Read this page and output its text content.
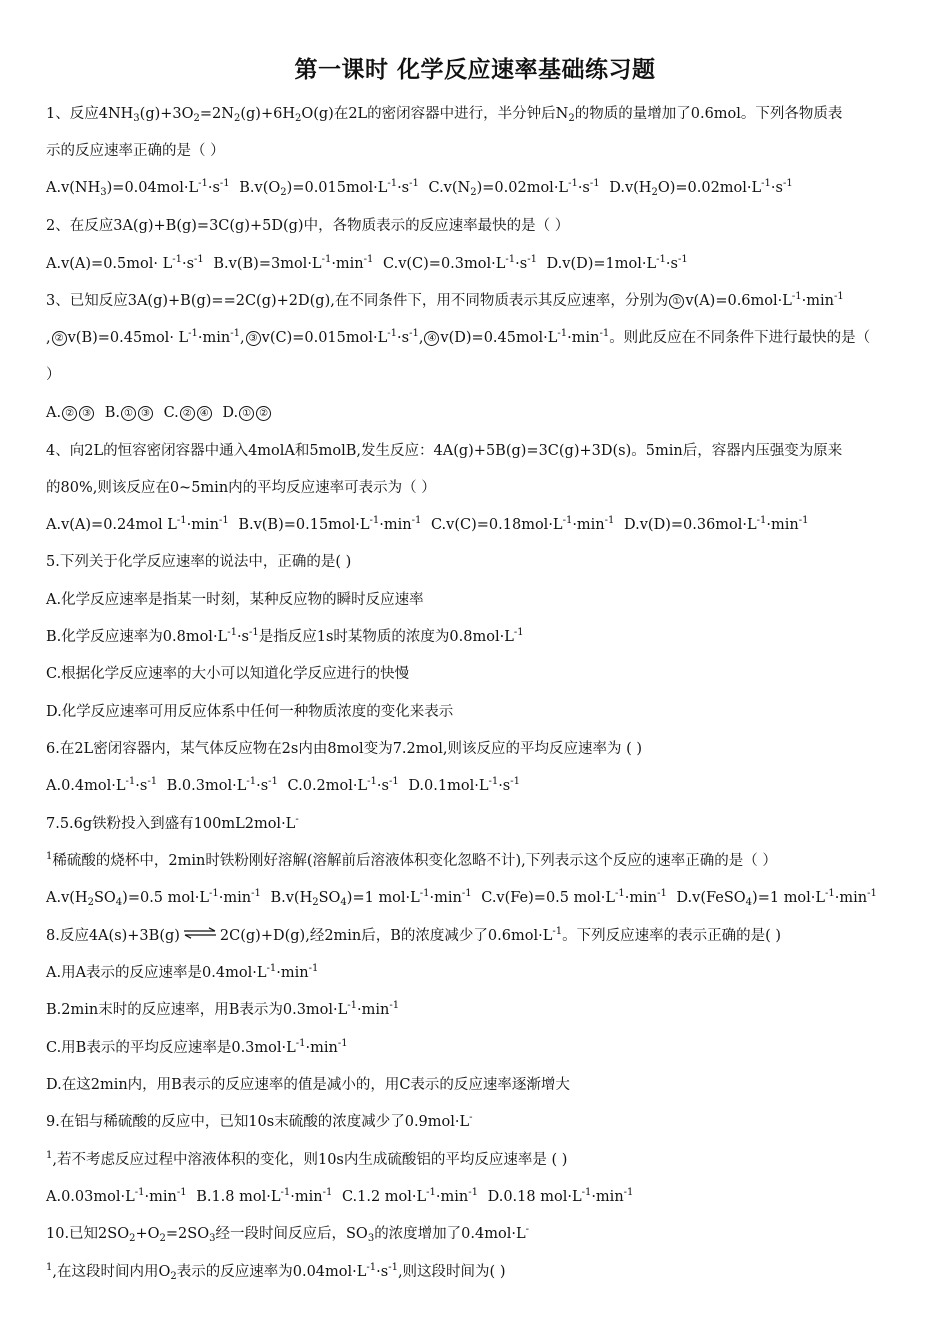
第一课时 化学反应速率基础练习题
1、反应$4NH_3(g)+3O_2=2N_2(g)+6H_2O(g)$在2L的密闭容器中进行，半分钟后$N_2$的物质的量增加了0.6mol。下列各物质表
示的反应速率正确的是（ ）
$A.v(NH_3)=0.04mol\cdot L^{-1}\cdot s^{-1}$ $B.v(O_2)=0.015mol\cdot L^{-1}\cdot s^{-1}$ $C.v(N_2)=0.02mol\cdot L^{-1}\cdot s^{-1}$ $D.v(H_2O)=0.02mol\cdot L^{-1}\cdot s^{-1}$
2、在反应3A(g)+B(g)=3C(g)+5D(g)中，各物质表示的反应速率最快的是（ ）
$A.v(A)=0.5mol\cdot L^{-1}\cdot s^{-1}$ $B.v(B)=3mol\cdot L^{-1}\cdot\min^{-1}$ $C.v(C)=0.3mol\cdot L^{-1}\cdot s^{-1}$ $D.v(D)=1mol\cdot L^{-1}\cdot s^{-1}$
3、已知反应3A(g)+B(g)==2C(g)+2D(g),在不同条件下，用不同物质表示其反应速率，分别为 ① $v(A)=0.6mol\cdot L^{-1}\cdot\min^{-1}$
, ② $v(B)=0.45mol\cdot L^{-1}\cdot\min^{-1}$, ③ $v(C)=0.015mol\cdot L^{-1}\cdot s^{-1}$, ④ $v(D)=0.45mol\cdot L^{-1}\cdot\min^{-1}$。则此反应在不同条件下进行最快的是（
）
A. ② ③ B. ① ③ C. ② ④ D. ① ②
4、向2L的恒容密闭容器中通入4molA和5molB,发生反应：4A(g)+5B(g)=3C(g)+3D(s)。5min后，容器内压强变为原来
的80%,则该反应在0~5min内的平均反应速率可表示为（ ）
A.v(A)=0.24mol $L^{-1}\cdot\min^{-1}$ $B.v(B)=0.15mol\cdot L^{-1}\cdot\min^{-1}$ $C.v(C)=0.18mol\cdot L^{-1}\cdot\min^{-1}$ $D.v(D)=0.36mol\cdot L^{-1}\cdot\min^{-1}$
5.下列关于化学反应速率的说法中，正确的是( )
A.化学反应速率是指某一时刻，某种反应物的瞬时反应速率
B.化学反应速率为$0.8mol\cdot L^{-1}\cdot s^{-1}$是指反应1s时某物质的浓度为$0.8mol\cdot L^{-1}$
C.根据化学反应速率的大小可以知道化学反应进行的快慢
D.化学反应速率可用反应体系中任何一种物质浓度的变化来表示
6.在2L密闭容器内，某气体反应物在2s内由8mol变为7.2mol,则该反应的平均反应速率为 ( )
$A.0.4mol\cdot L^{-1}\cdot s^{-1}$ $B.0.3mol\cdot L^{-1}\cdot s^{-1}$ $C.0.2mol\cdot L^{-1}\cdot s^{-1}$ $D.0.1mol\cdot L^{-1}\cdot s^{-1}$
7.5.6g铁粉投入到盛有100mL2mol·L-
$^1$稀硫酸的烧杯中，2min时铁粉刚好溶解(溶解前后溶液体积变化忽略不计),下列表示这个反应的速率正确的是（ ）
$A.v(H_2SO_4)=0.5$ $mol\cdot L^{-1}\cdot\min^{-1}$ $B.v(H_2SO_4)=1$ $mol\cdot L^{-1}\cdot\min^{-1}$ C.v(Fe)=0.5 $mol\cdot L^{-1}\cdot\min^{-1}$ D.v(FeSO$_4$)=1 $mol\cdot L^{-1}\cdot\min^{-1}$
8.反应4A(s)+3B(g) ⇌ 2C(g)+D(g),经2min后，B的浓度减少了$0.6mol\cdot L^{-1}$。下列反应速率的表示正确的是( )
A.用A表示的反应速率是$0.4mol\cdot L^{-1}\cdot\min^{-1}$
B.2min末时的反应速率，用B表示为$0.3mol\cdot L^{-1}\cdot\min^{-1}$
C.用B表示的平均反应速率是$0.3mol\cdot L^{-1}\cdot\min^{-1}$
D.在这2min内，用B表示的反应速率的值是减小的，用C表示的反应速率逐渐增大
9.在铝与稀硫酸的反应中，已知10s末硫酸的浓度减少了0.9mol·L-
$^1$,若不考虑反应过程中溶液体积的变化，则10s内生成硫酸铝的平均反应速率是 ( )
$A.0.03mol\cdot L^{-1}\cdot\min^{-1}$ B.1.8 $mol\cdot L^{-1}\cdot\min^{-1}$ C.1.2 $mol\cdot L^{-1}\cdot\min^{-1}$ D.0.18 $mol\cdot L^{-1}\cdot\min^{-1}$
10.已知$2SO_2+O_2=2SO_3$经一段时间反应后，$SO_3$的浓度增加了0.4mol·L-
$^1$,在这段时间内用$O_2$表示的反应速率为$0.04mol\cdot L^{-1}\cdot s^{-1}$,则这段时间为( )
